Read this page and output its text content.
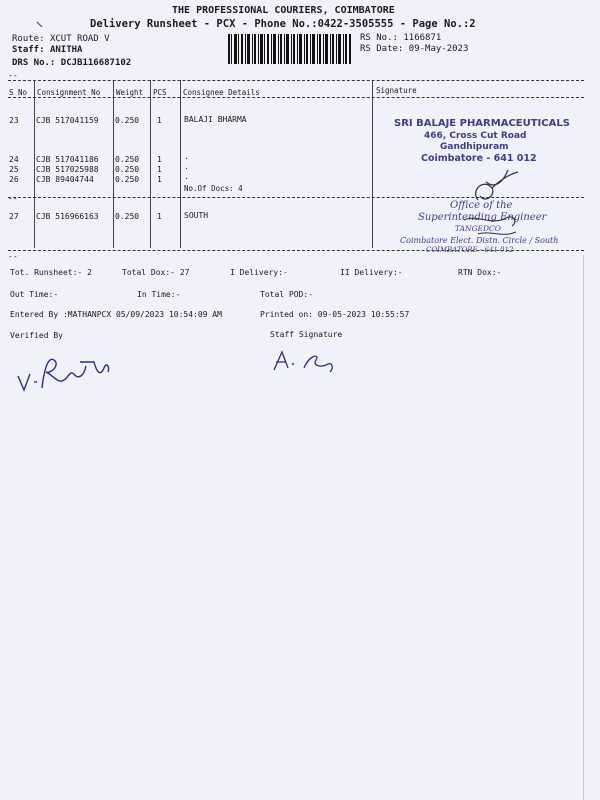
THE PROFESSIONAL COURIERS, COIMBATORE
Delivery Runsheet - PCX - Phone No.:0422-3505555 - Page No.:2
Route: XCUT ROAD V
Staff: ANITHA
DRS No.: DCJB116687102
RS No.: 1166871
RS Date: 09-May-2023
--
S No Consignment No Weight PCS Consignee Details	Signature
23 CJB 517041159 0.250 1	BALAJI BHARMA
24 CJB 517041186 0.250 1	.
25 CJB 517025988 0.250 1	.
26 CJB 89404744	0.250 1	.
No.Of Docs: 4
--
27 CJB 516966163 0.250 1	SOUTH
--
SRI BALAJE PHARMACEUTICALS
466, Cross Cut Road
Gandhipuram
Coimbatore - 641 012
Office of the
Superintending Engineer
TANGEDCO
Coimbatore Elect. Distn. Circle / South
COIMBATORE - 641 012
Tot. Runsheet:- 2	Total Dox:- 27	I Delivery:-	II Delivery:-	RTN Dox:-
Out Time:-	In Time:-	Total POD:-
Entered By :MATHANPCX 05/09/2023 10:54:09 AM	Printed on: 09-05-2023 10:55:57
Verified By	Staff Signature
